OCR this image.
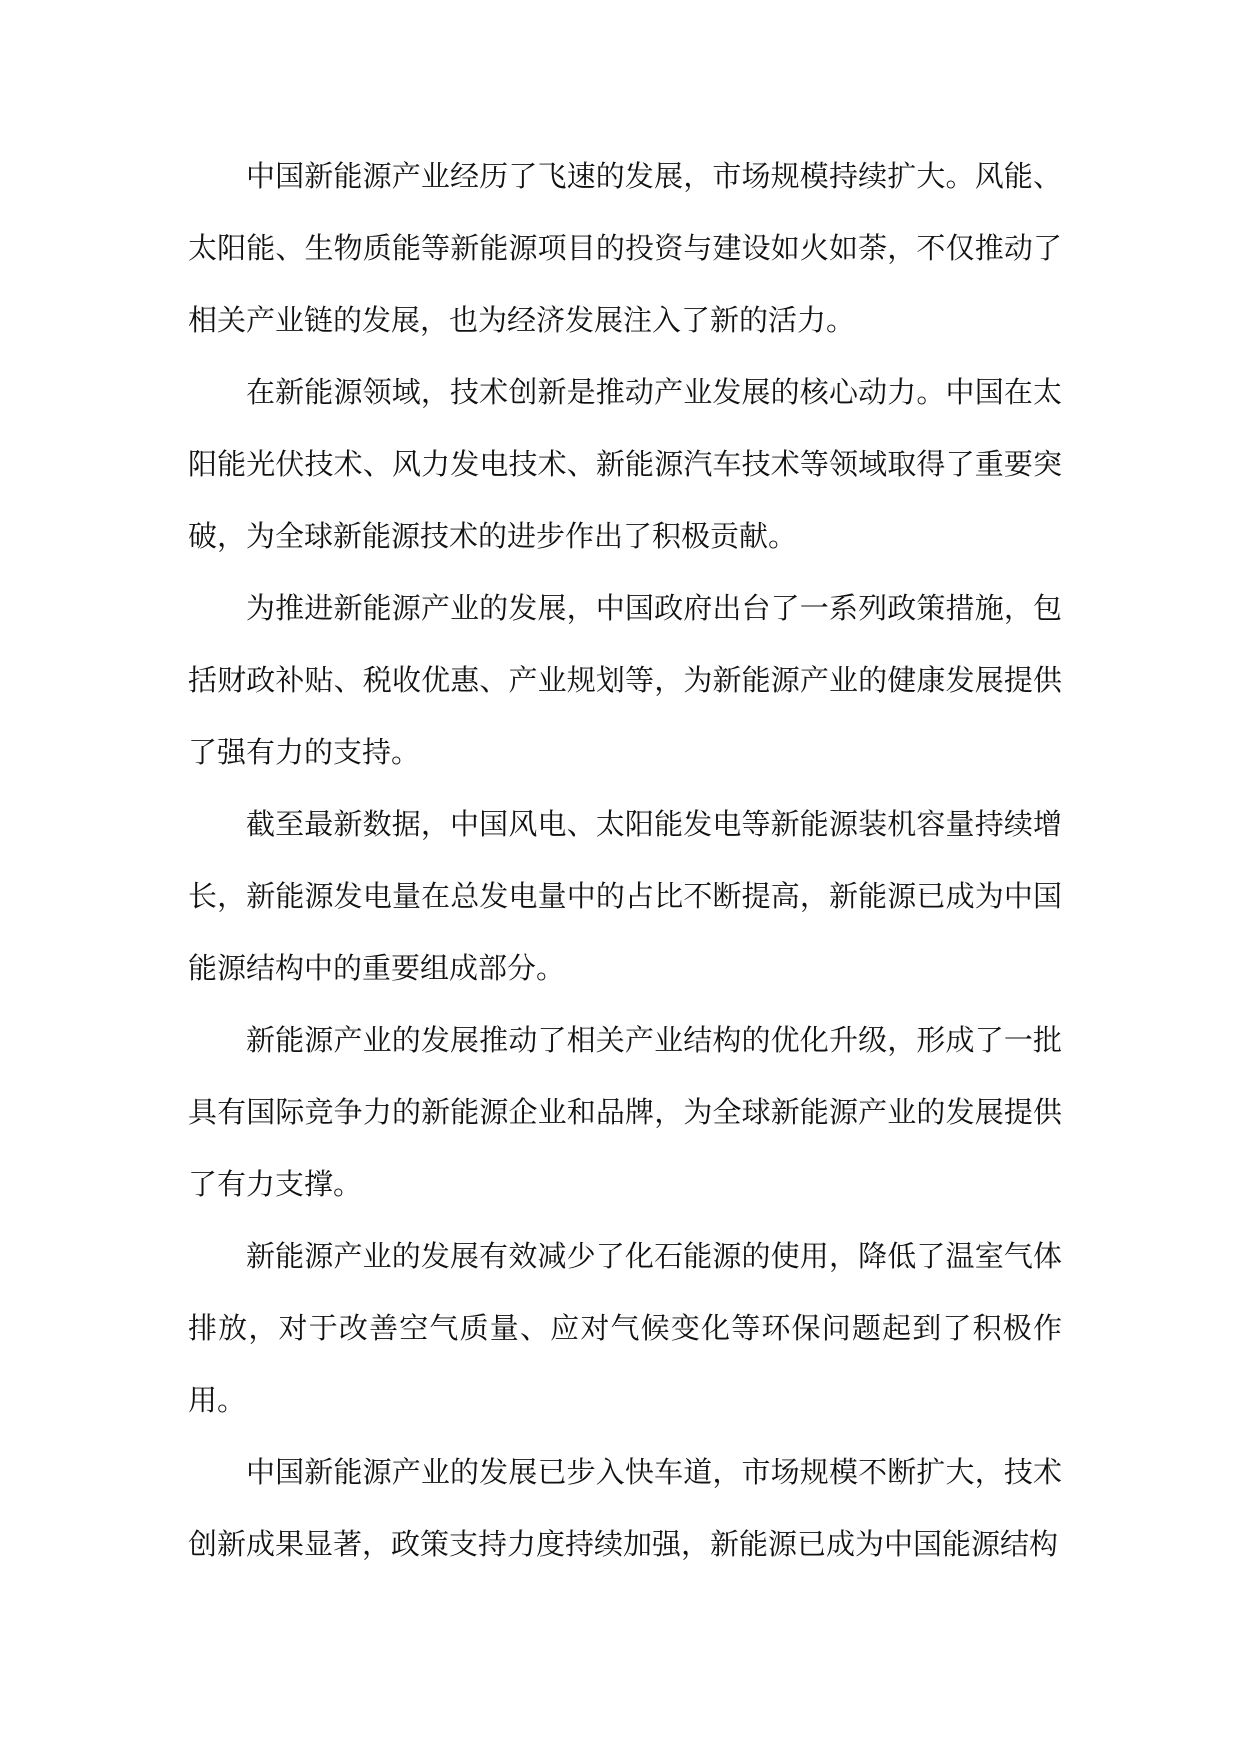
中国新能源产业经历了飞速的发展，市场规模持续扩大。风能、太阳能、生物质能等新能源项目的投资与建设如火如荼，不仅推动了相关产业链的发展，也为经济发展注入了新的活力。

在新能源领域，技术创新是推动产业发展的核心动力。中国在太阳能光伏技术、风力发电技术、新能源汽车技术等领域取得了重要突破，为全球新能源技术的进步作出了积极贡献。

为推进新能源产业的发展，中国政府出台了一系列政策措施，包括财政补贴、税收优惠、产业规划等，为新能源产业的健康发展提供了强有力的支持。

截至最新数据，中国风电、太阳能发电等新能源装机容量持续增长，新能源发电量在总发电量中的占比不断提高，新能源已成为中国能源结构中的重要组成部分。

新能源产业的发展推动了相关产业结构的优化升级，形成了一批具有国际竞争力的新能源企业和品牌，为全球新能源产业的发展提供了有力支撑。

新能源产业的发展有效减少了化石能源的使用，降低了温室气体排放，对于改善空气质量、应对气候变化等环保问题起到了积极作用。

中国新能源产业的发展已步入快车道，市场规模不断扩大，技术创新成果显著，政策支持力度持续加强，新能源已成为中国能源结构
